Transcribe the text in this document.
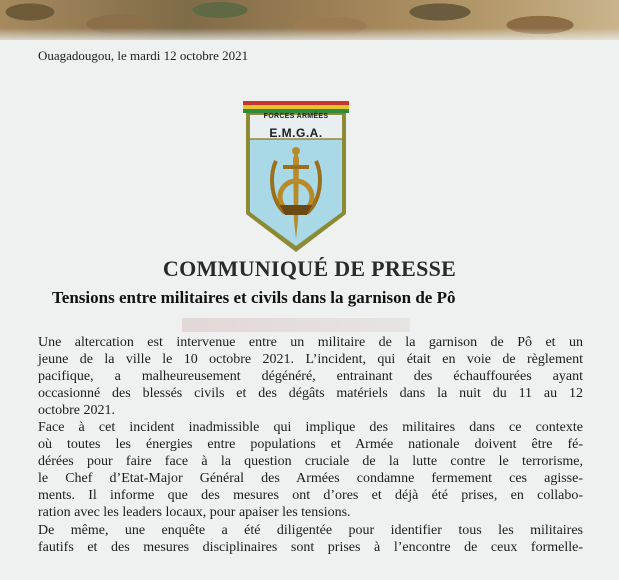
Ouagadougou, le mardi 12 octobre 2021
FORCES ARMÉES
E.M.G.A.
COMMUNIQUÉ DE PRESSE
Tensions entre militaires et civils dans la garnison de Pô
Une altercation est intervenue entre un militaire de la garnison de Pô et un
jeune de la ville le 10 octobre 2021. L’incident, qui était en voie de règlement
pacifique, a malheureusement dégénéré, entrainant des échauffourées ayant
occasionné des blessés civils et des dégâts matériels dans la nuit du 11 au 12
octobre 2021.
Face à cet incident inadmissible qui implique des militaires dans ce contexte
où toutes les énergies entre populations et Armée nationale doivent être fé-
dérées pour faire face à la question cruciale de la lutte contre le terrorisme,
le Chef d’Etat-Major Général des Armées condamne fermement ces agisse-
ments. Il informe que des mesures ont d’ores et déjà été prises, en collabo-
ration avec les leaders locaux, pour apaiser les tensions.
De même, une enquête a été diligentée pour identifier tous les militaires
fautifs et des mesures disciplinaires sont prises à l’encontre de ceux formelle-
